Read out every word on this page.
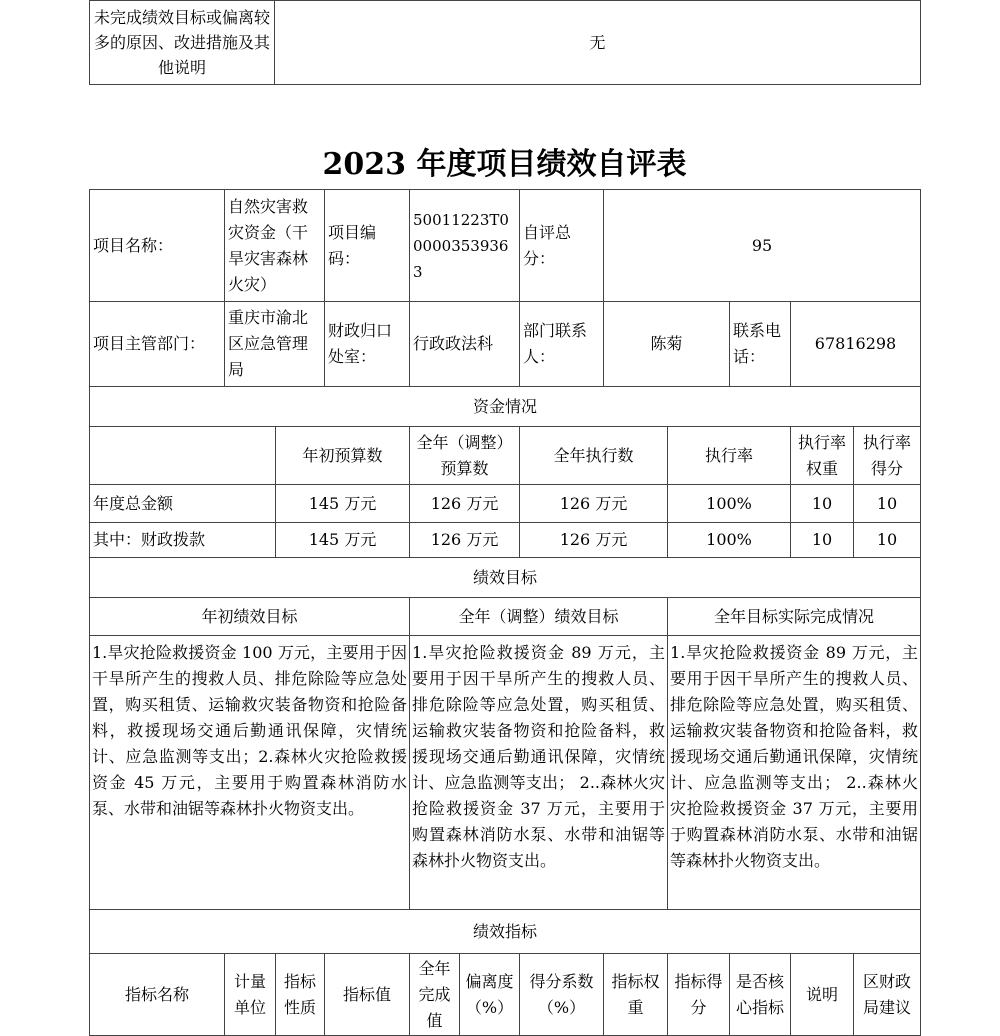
未完成绩效目标或偏离较多的原因、改进措施及其他说明	无
2023 年度项目绩效自评表
项目名称：	自然灾害救灾资金（干旱灾害森林火灾）		项目编码：	50011223T000003539363		自评总分：	95				
项目主管部门：	重庆市渝北区应急管理局		财政归口处室：	行政政法科		部门联系人：	陈菊		联系电话：	67816298	
资金情况											
		年初预算数		全年（调整）预算数		全年执行数		执行率		执行率权重	执行率得分
年度总金额		145 万元		126 万元		126 万元		100%		10	10
其中：财政拨款		145 万元		126 万元		126 万元		100%		10	10
绩效目标											
年初绩效目标				全年（调整）绩效目标				全年目标实际完成情况			
1.旱灾抢险救援资金 100 万元，主要用于因干旱所产生的搜救人员、排危除险等应急处置，购买租赁、运输救灾装备物资和抢险备料，救援现场交通后勤通讯保障，灾情统计、应急监测等支出；2.森林火灾抢险救援资金 45 万元，主要用于购置森林消防水泵、水带和油锯等森林扑火物资支出。				1.旱灾抢险救援资金 89 万元，主要用于因干旱所产生的搜救人员、排危除险等应急处置，购买租赁、运输救灾装备物资和抢险备料，救援现场交通后勤通讯保障，灾情统计、应急监测等支出； 2..森林火灾抢险救援资金 37 万元，主要用于购置森林消防水泵、水带和油锯等森林扑火物资支出。				1.旱灾抢险救援资金 89 万元，主要用于因干旱所产生的搜救人员、排危除险等应急处置，购买租赁、运输救灾装备物资和抢险备料，救援现场交通后勤通讯保障，灾情统计、应急监测等支出； 2..森林火灾抢险救援资金 37 万元，主要用于购置森林消防水泵、水带和油锯等森林扑火物资支出。			
绩效指标											
指标名称	计量单位	指标性质	指标值	全年完成值	偏离度（%）	得分系数（%）	指标权重	指标得分	是否核心指标	说明	区财政局建议
